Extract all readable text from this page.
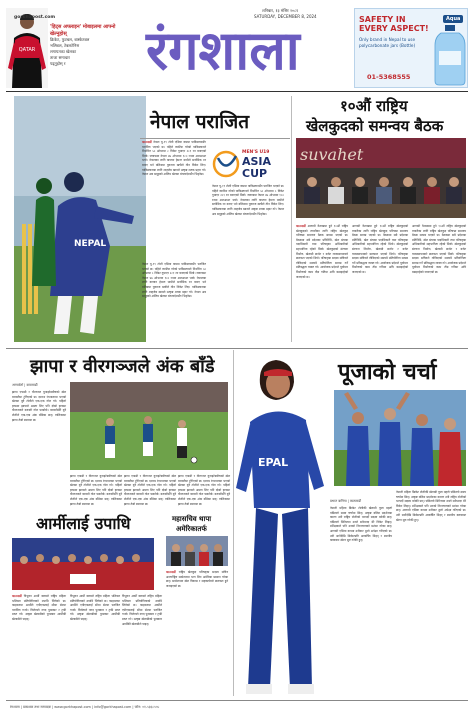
QATAR
'हिट्स अफ्लाइन' मोबाइलमा आफ्नो खेल्नुहोस्
क्रिकेट, फुटबल, बास्केटबल
भलिबल, टेबलटेनिस
लगायतका खेलका
ताजा समाचार
पढ्नुहोस् र
gorkhapost.com
शनिबार, १३ मंसिर २०८१
SATURDAY, DECEMBER 8, 2024
रंगशाला	SAFETY IN EVERY ASPECT!
Only brand in Nepal to use polycarbonate jars (Bottle)
Aqua
01-5368555
NEPAL
नेपाल पराजित
MEN'S U19
ASIA CUP
काठमाडौं नेपाल यू-१९ टोली एसिया कपमा पाकिस्तानसँग पराजित भएको छ। पहिले ब्याटिङ गरेको पाकिस्तानले निर्धारित ५० ओभरमा ८ विकेट गुमाएर २८१ रन बनाएको थियो। जवाफमा नेपाल ४७ ओभरमा १८० रनमा अलआउट भयो। नेपालका लागि कप्तान हेमन्त धामीले सर्वाधिक रन बनाए भने बलिङमा युवराज खत्रीले तीन विकेट लिए। पाकिस्तानका लागि शाहजेब खानले उत्कृष्ट शतक प्रहार गरे। नेपाल अब समूहको अन्तिम खेलमा बंगलादेशसँग भिड्नेछ।
नेपाल यू-१९ टोली एसिया कपमा पाकिस्तानसँग पराजित भएको छ। पहिले ब्याटिङ गरेको पाकिस्तानले निर्धारित ५० ओभरमा ८ विकेट गुमाएर २८१ रन बनाएको थियो। जवाफमा नेपाल ४७ ओभरमा १८० रनमा अलआउट भयो। नेपालका लागि कप्तान हेमन्त धामीले सर्वाधिक रन बनाए भने बलिङमा युवराज खत्रीले तीन विकेट लिए। पाकिस्तानका लागि शाहजेब खानले उत्कृष्ट शतक प्रहार गरे। नेपाल अब समूहको अन्तिम खेलमा बंगलादेशसँग भिड्नेछ।
नेपाल यू-१९ टोली एसिया कपमा पाकिस्तानसँग पराजित भएको छ। पहिले ब्याटिङ गरेको पाकिस्तानले निर्धारित ५० ओभरमा ८ विकेट गुमाएर २८१ रन बनाएको थियो। जवाफमा नेपाल ४७ ओभरमा १८० रनमा अलआउट भयो। नेपालका लागि कप्तान हेमन्त धामीले सर्वाधिक रन बनाए भने बलिङमा युवराज खत्रीले तीन विकेट लिए। पाकिस्तानका लागि शाहजेब खानले उत्कृष्ट शतक प्रहार गरे। नेपाल अब समूहको अन्तिम खेलमा बंगलादेशसँग भिड्नेछ।
१०औं राष्ट्रिय
खेलकुदको समन्वय बैठक
suvahet
काठमाडौं आगामी वैशाखमा हुने १०औं राष्ट्रिय खेलकुदको तयारीका लागि राष्ट्रिय खेलकुद परिषद्मा समन्वय बैठक सम्पन्न भएको छ। बैठकमा सबै प्रदेशका प्रतिनिधि, खेल संघका पदाधिकारी तथा परिषद्का अधिकारीको सहभागिता रहेको थियो। खेलकुदको संरचना निर्माण, खेलाडी छनोट र बजेट व्यवस्थापनबारे छलफल भएको थियो। परिषद्का सदस्य सचिवले तोकिएको समयमै प्रतियोगिता सम्पन्न गर्ने प्रतिबद्धता व्यक्त गरे। आयोजक प्रदेशले पूर्वाधार निर्माणको काम तीव्र गतिमा अघि बढाइरहेको जनाएको छ।
आगामी वैशाखमा हुने १०औं राष्ट्रिय खेलकुदको तयारीका लागि राष्ट्रिय खेलकुद परिषद्मा समन्वय बैठक सम्पन्न भएको छ। बैठकमा सबै प्रदेशका प्रतिनिधि, खेल संघका पदाधिकारी तथा परिषद्का अधिकारीको सहभागिता रहेको थियो। खेलकुदको संरचना निर्माण, खेलाडी छनोट र बजेट व्यवस्थापनबारे छलफल भएको थियो। परिषद्का सदस्य सचिवले तोकिएको समयमै प्रतियोगिता सम्पन्न गर्ने प्रतिबद्धता व्यक्त गरे। आयोजक प्रदेशले पूर्वाधार निर्माणको काम तीव्र गतिमा अघि बढाइरहेको जनाएको छ।
आगामी वैशाखमा हुने १०औं राष्ट्रिय खेलकुदको तयारीका लागि राष्ट्रिय खेलकुद परिषद्मा समन्वय बैठक सम्पन्न भएको छ। बैठकमा सबै प्रदेशका प्रतिनिधि, खेल संघका पदाधिकारी तथा परिषद्का अधिकारीको सहभागिता रहेको थियो। खेलकुदको संरचना निर्माण, खेलाडी छनोट र बजेट व्यवस्थापनबारे छलफल भएको थियो। परिषद्का सदस्य सचिवले तोकिएको समयमै प्रतियोगिता सम्पन्न गर्ने प्रतिबद्धता व्यक्त गरे। आयोजक प्रदेशले पूर्वाधार निर्माणको काम तीव्र गतिमा अघि बढाइरहेको जनाएको छ।
झापा र वीरगञ्जले अंक बाँडे
अन्तर्वार्ता | काठमाडौं
झापा एफसी र वीरगञ्ज युनाइटेडबीचको खेल बराबरीमा टुंगिएको छ। दशरथ रंगशालामा भएको खेलमा दुवै टोलीले एक-एक गोल गरे। पहिलो हाफमा झापाले अग्रता लिए पनि दोस्रो हाफमा वीरगञ्जले बराबरी गोल फर्कायो। बराबरीसँगै दुवै टोलीले एक-एक अंक बाँडेका छन्। तालिकामा झापा तेस्रो स्थानमा छ।
झापा एफसी र वीरगञ्ज युनाइटेडबीचको खेल बराबरीमा टुंगिएको छ। दशरथ रंगशालामा भएको खेलमा दुवै टोलीले एक-एक गोल गरे। पहिलो हाफमा झापाले अग्रता लिए पनि दोस्रो हाफमा वीरगञ्जले बराबरी गोल फर्कायो। बराबरीसँगै दुवै टोलीले एक-एक अंक बाँडेका छन्। तालिकामा झापा तेस्रो स्थानमा छ।
झापा एफसी र वीरगञ्ज युनाइटेडबीचको खेल बराबरीमा टुंगिएको छ। दशरथ रंगशालामा भएको खेलमा दुवै टोलीले एक-एक गोल गरे। पहिलो हाफमा झापाले अग्रता लिए पनि दोस्रो हाफमा वीरगञ्जले बराबरी गोल फर्कायो। बराबरीसँगै दुवै टोलीले एक-एक अंक बाँडेका छन्। तालिकामा झापा तेस्रो स्थानमा छ।
झापा एफसी र वीरगञ्ज युनाइटेडबीचको खेल बराबरीमा टुंगिएको छ। दशरथ रंगशालामा भएको खेलमा दुवै टोलीले एक-एक गोल गरे। पहिलो हाफमा झापाले अग्रता लिए पनि दोस्रो हाफमा वीरगञ्जले बराबरी गोल फर्कायो। बराबरीसँगै दुवै टोलीले एक-एक अंक बाँडेका छन्। तालिकामा झापा तेस्रो स्थानमा छ।
आर्मीलाई उपाधि
काठमाडौं त्रिभुवन आर्मी क्लबले राष्ट्रिय महिला भलिबल प्रतियोगिताको उपाधि जितेको छ। फाइनलमा आर्मीले एपीएफलाई सीधा सेटमा पराजित गर्‍यो। विजेताले नगद पुरस्कार र ट्रफी प्राप्त गरे। उत्कृष्ट खेलाडीको पुरस्कार आर्मीकी खेलाडीले पाइन्।
त्रिभुवन आर्मी क्लबले राष्ट्रिय महिला भलिबल प्रतियोगिताको उपाधि जितेको छ। फाइनलमा आर्मीले एपीएफलाई सीधा सेटमा पराजित गर्‍यो। विजेताले नगद पुरस्कार र ट्रफी प्राप्त गरे। उत्कृष्ट खेलाडीको पुरस्कार आर्मीकी खेलाडीले पाइन्।
त्रिभुवन आर्मी क्लबले राष्ट्रिय महिला भलिबल प्रतियोगिताको उपाधि जितेको छ। फाइनलमा आर्मीले एपीएफलाई सीधा सेटमा पराजित गर्‍यो। विजेताले नगद पुरस्कार र ट्रफी प्राप्त गरे। उत्कृष्ट खेलाडीको पुरस्कार आर्मीकी खेलाडीले पाइन्।
महासचिव थापा
अमेरिकातर्फ
काठमाडौं राष्ट्रिय खेलकुद परिषद्का सदस्य सचिव अन्तर्राष्ट्रिय सम्मेलनमा भाग लिन अमेरिका प्रस्थान गरेका छन्। सम्मेलनमा खेल विकास र सहकार्यबारे छलफल हुने जनाइएको छ।
पूजाको चर्चा
EPAL
प्रभात बानिया | काठमाडौं
नेपाली महिला क्रिकेट टोलीकी खेलाडी पूजा महतो पछिल्लो समय चर्चामा छिन्। उत्कृष्ट बलिङ प्रदर्शनका कारण उनी राष्ट्रिय टोलीको भरपर्दो सदस्य बनेकी छन्। पछिल्लो सिरिजमा उनले सबैभन्दा धेरै विकेट लिइन्। प्रशिक्षकले पनि उनको निरन्तरताको प्रशंसा गरेका छन्। आगामी एसिया कपमा उनीबाट ठूलो अपेक्षा गरिएको छ। उनी सानैदेखि क्रिकेटप्रति आकर्षित थिइन् र स्थानीय क्लबबाट खेल्न सुरु गरेकी हुन्।
नेपाली महिला क्रिकेट टोलीकी खेलाडी पूजा महतो पछिल्लो समय चर्चामा छिन्। उत्कृष्ट बलिङ प्रदर्शनका कारण उनी राष्ट्रिय टोलीको भरपर्दो सदस्य बनेकी छन्। पछिल्लो सिरिजमा उनले सबैभन्दा धेरै विकेट लिइन्। प्रशिक्षकले पनि उनको निरन्तरताको प्रशंसा गरेका छन्। आगामी एसिया कपमा उनीबाट ठूलो अपेक्षा गरिएको छ। उनी सानैदेखि क्रिकेटप्रति आकर्षित थिइन् र स्थानीय क्लबबाट खेल्न सुरु गरेकी हुन्।
रंगशाला | प्रकाशक तथा सम्पादक | www.gorkhapost.com | info@gorkhapost.com | फोन: ०१-५३६८५५५
